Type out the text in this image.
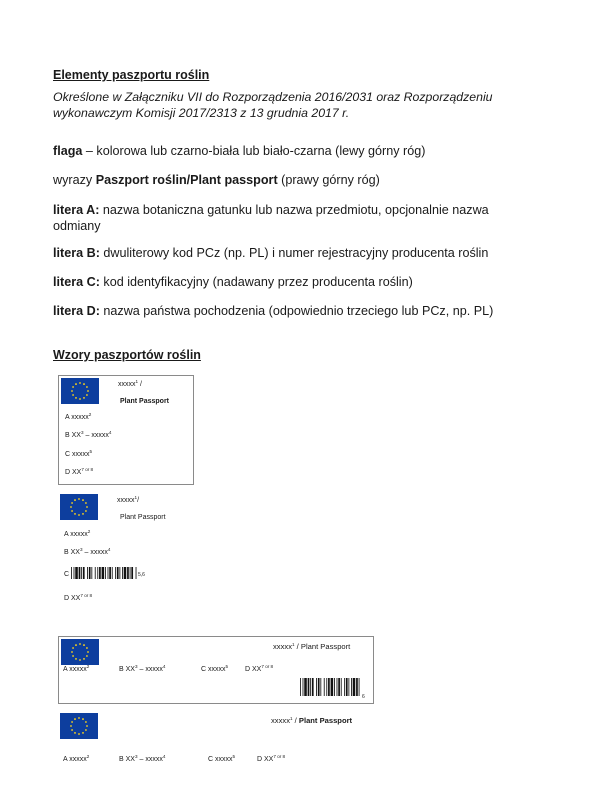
Elementy paszportu roślin
Określone w Załączniku VII do Rozporządzenia 2016/2031 oraz Rozporządzeniu wykonawczym Komisji 2017/2313 z 13 grudnia 2017 r.
flaga – kolorowa lub czarno-biała lub biało-czarna (lewy górny róg)
wyrazy Paszport roślin/Plant passport (prawy górny róg)
litera A: nazwa botaniczna gatunku lub nazwa przedmiotu, opcjonalnie nazwa odmiany
litera B: dwuliterowy kod PCz (np. PL) i numer rejestracyjny producenta roślin
litera C: kod identyfikacyjny (nadawany przez producenta roślin)
litera D: nazwa państwa pochodzenia (odpowiednio trzeciego lub PCz, np. PL)
Wzory paszportów roślin
xxxxx$^1$ /
Plant Passport
A xxxxx$^2$
B $XX^3$ – xxxxx$^4$
C xxxxx$^5$
D $XX^{7 or 8}$
xxxxx$^1$/
Plant Passport
A xxxxx$^2$
B $XX^3$ – xxxxx$^4$
C	5,6
D $XX^{7 or 8}$
xxxxx$^1$ / Plant Passport
A xxxxx$^2$	B $XX^3$ – xxxxx$^4$	C xxxxx$^5$ D $XX^{7 or 8}$
6
xxxxx$^1$ / Plant Passport
A xxxxx$^2$	B $XX^3$ – xxxxx$^4$	C xxxxx$^5$	D $XX^{7 or 8}$
